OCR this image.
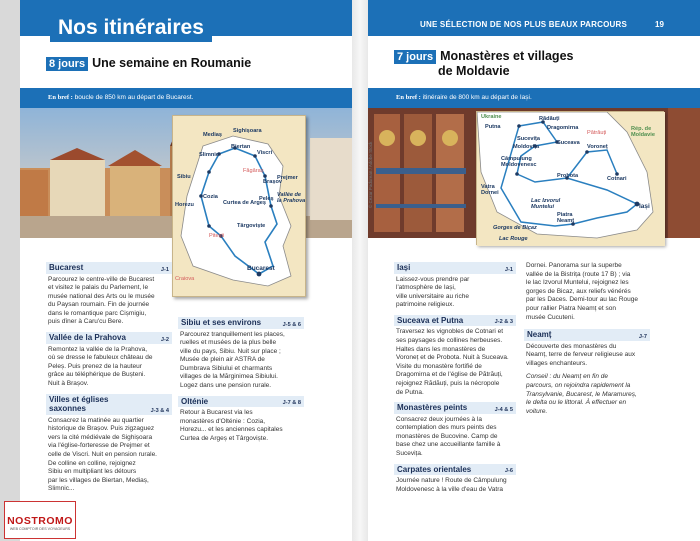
Nos itinéraires
8 jours Une semaine en Roumanie
En bref : boucle de 850 km au départ de Bucarest.
Mediaș
Sighișoara
Biertan
Viscri
Slimnic
Făgăraș
Sibiu
Brașov
Prejmer
Cozia
Curtea de Argeș
Peleș
Vallée de la Prahova
Horezu
Târgoviște
Pitești
Bucarest
Craiova
Bucarest	J-1
Parcourez le centre-ville de Bucarest
et visitez le palais du Parlement, le
musée national des Arts ou le musée
du Paysan roumain. Fin de journée
dans le romantique parc Cișmigiu,
puis dîner à Caru'cu Bere.
Vallée de la Prahova	J-2
Remontez la vallée de la Prahova,
où se dresse le fabuleux château de
Peleș. Puis prenez de la hauteur
grâce au téléphérique de Bușteni.
Nuit à Brașov.
Villes et églises saxonnes	J-3 & 4
Consacrez la matinée au quartier
historique de Brașov. Puis zigzaguez
vers la cité médiévale de Sighișoara
via l'église-forteresse de Prejmer et
celle de Viscri. Nuit en pension rurale.
De colline en colline, rejoignez
Sibiu en multipliant les détours
par les villages de Biertan, Mediaș,
Slimnic...
Sibiu et ses environs	J-5 & 6
Parcourez tranquillement les places,
ruelles et musées de la plus belle
ville du pays, Sibiu. Nuit sur place ;
Musée de plein air ASTRA de
Dumbrava Sibiului et charmants
villages de la Mărginimea Sibiului.
Logez dans une pension rurale.
Olténie	J-7 & 8
Retour à Bucarest via les
monastères d'Olténie : Cozia,
Horezu... et les anciennes capitales
Curtea de Argeș et Târgoviște.
UNE SÉLECTION DE NOS PLUS BEAUX PARCOURS	19
7 jours Monastères et villages
de Moldavie
En bref : itinéraire de 800 km au départ de Iași.
© Cezar Padurean / Adobe Stock
Ukraine	Rădăuți
Putna	Dragomirna
Sucevița
Moldovița
Suceava
Pătrăuți
Rép. de Moldavie
Voroneț
Câmpulung Moldovenesc
Probota	Cotnari
Vatra Dornei
Lac Izvorul Muntelui	Iași
Piatra Neamț
Gorges de Bicaz
Lac Rouge
Iași	J-1
Laissez-vous prendre par
l'atmosphère de Iași,
ville universitaire au riche
patrimoine religieux.
Suceava et Putna	J-2 & 3
Traversez les vignobles de Cotnari et
ses paysages de collines herbeuses.
Haltes dans les monastères de
Voroneț et de Probota. Nuit à Suceava.
Visite du monastère fortifié de
Dragomirna et de l'église de Pătrăuți,
rejoignez Rădăuți, puis la nécropole
de Putna.
Monastères peints	J-4 & 5
Consacrez deux journées à la
contemplation des murs peints des
monastères de Bucovine. Camp de
base chez une accueillante famille à
Sucevița.
Carpates orientales	J-6
Journée nature ! Route de Câmpulung
Moldovenesc à la ville d'eau de Vatra
Dornei. Panorama sur la superbe
vallée de la Bistrița (route 17 B) ; via
le lac Izvorul Muntelui, rejoignez les
gorges de Bicaz, aux reliefs vénérés
par les Daces. Demi-tour au lac Rouge
pour rallier Piatra Neamț et son
musée Cucuteni.
Neamț	J-7
Découverte des monastères du
Neamț, terre de ferveur religieuse aux
villages enchanteurs.
Conseil : du Neamț en fin de
parcours, on rejoindra rapidement la
Transylvanie, Bucarest, le Maramureș,
le delta ou le littoral. À effectuer en
voiture.
NOSTROMO
WEB COMPTOIR DES VOYAGEURS
